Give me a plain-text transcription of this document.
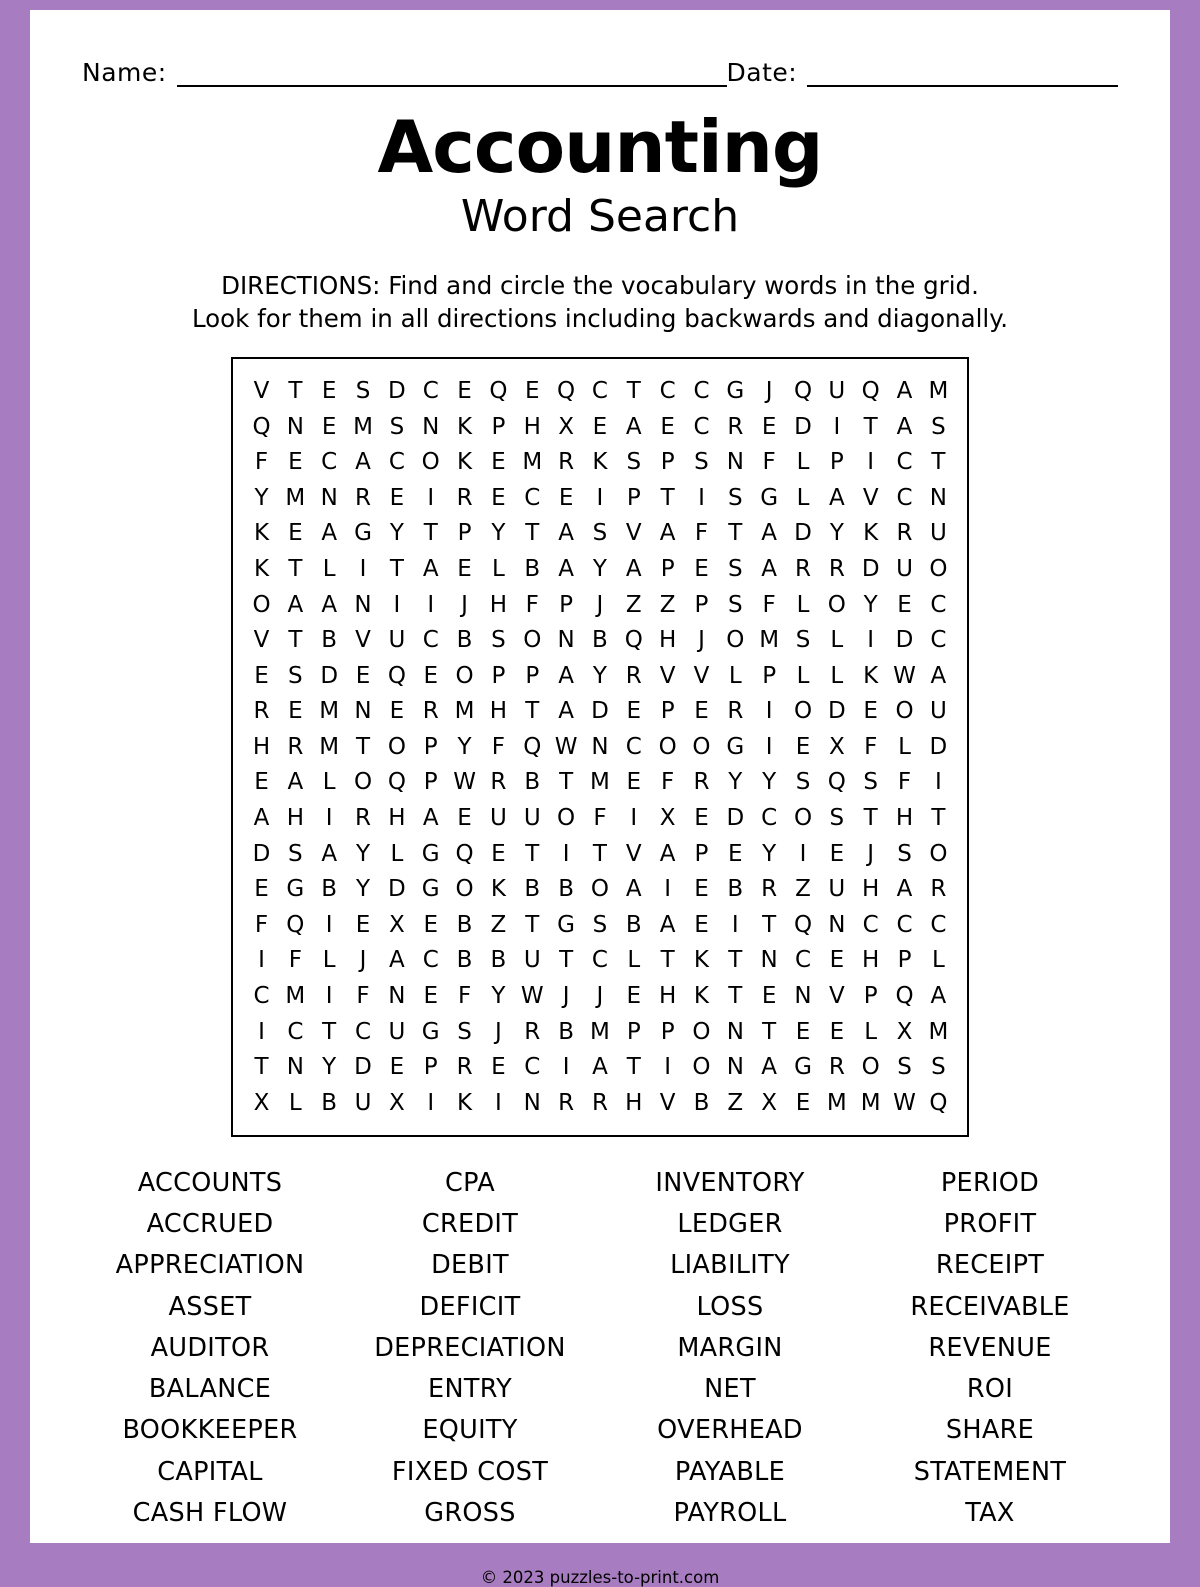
Name:	Date:
Accounting
Word Search
DIRECTIONS: Find and circle the vocabulary words in the grid.
Look for them in all directions including backwards and diagonally.
V T E S D C E Q E Q C T C C G J Q U Q A M
Q N E M S N K P H X E A E C R E D I	T A S
F E C A C O K E M R K S P S N F L P	I C T
Y M N R E	I R E C E	I	P T	I	S G L A V C N
K E A G Y T P Y T A S V A F T A D Y K R U
K T L	I	T A E L B A Y A P E S A R R D U O
O A A N I	I	J H F P	J Z Z P S F L O Y E C
V T B V U C B S O N B Q H J O M S L	I D C
E S D E Q E O P P A Y R V V L P L L K W A
R E M N E R M H T A D E P E R I O D E O U
H R M T O P Y F Q W N C O O G I	E X F L D
E A L O Q P W R B T M E F R Y Y S Q S F	I
A H I R H A E U U O F	I X E D C O S T H T
D S A Y L G Q E T	I	T V A P E Y	I	E	J	S O
E G B Y D G O K B B O A I	E B R Z U H A R
F Q I	E X E B Z T G S B A E	I	T Q N C C C
I	F L	J A C B B U T C L T K T N C E H P L
C M I	F N E F Y W J	J	E H K T E N V P Q A
I C T C U G S	J R B M P P O N T E E L X M
T N Y D E P R E C I A T	I O N A G R O S S
X L B U X I K I N R R H V B Z X E M M W Q
ACCOUNTS
ACCRUED
APPRECIATION
ASSET
AUDITOR
BALANCE
BOOKKEEPER
CAPITAL
CASH FLOW
CPA
CREDIT
DEBIT
DEFICIT
DEPRECIATION
ENTRY
EQUITY
FIXED COST
GROSS
INVENTORY
LEDGER
LIABILITY
LOSS
MARGIN
NET
OVERHEAD
PAYABLE
PAYROLL
PERIOD
PROFIT
RECEIPT
RECEIVABLE
REVENUE
ROI
SHARE
STATEMENT
TAX
© 2023 puzzles-to-print.com
